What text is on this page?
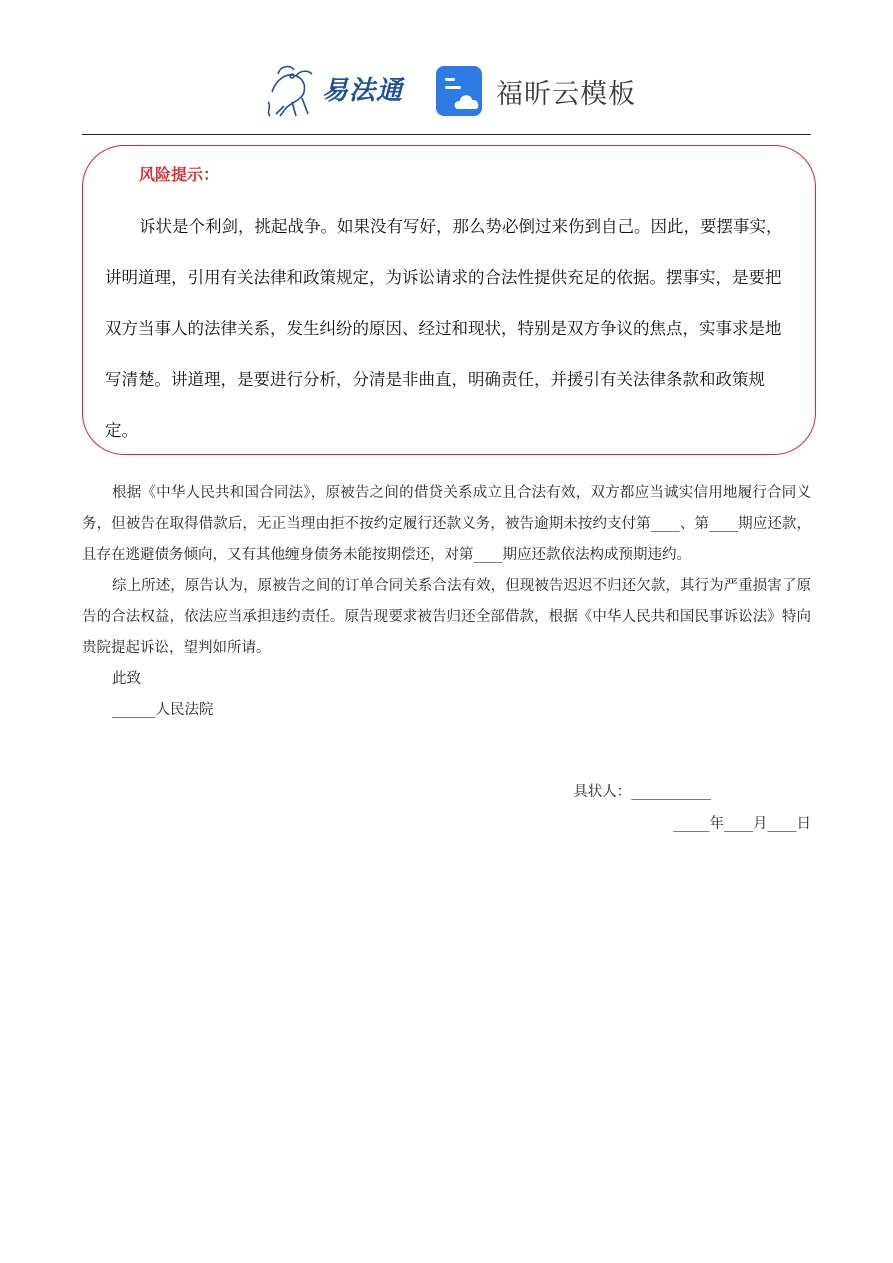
易法通	福昕云模板
风险提示：
诉状是个利剑，挑起战争。如果没有写好，那么势必倒过来伤到自己。因此，要摆事实，讲明道理，引用有关法律和政策规定，为诉讼请求的合法性提供充足的依据。摆事实，是要把双方当事人的法律关系，发生纠纷的原因、经过和现状，特别是双方争议的焦点，实事求是地写清楚。讲道理，是要进行分析，分清是非曲直，明确责任，并援引有关法律条款和政策规定。

根据《中华人民共和国合同法》，原被告之间的借贷关系成立且合法有效，双方都应当诚实信用地履行合同义务，但被告在取得借款后，无正当理由拒不按约定履行还款义务，被告逾期未按约支付第____、第____期应还款，且存在逃避债务倾向，又有其他缠身债务未能按期偿还，对第____期应还款依法构成预期违约。

综上所述，原告认为，原被告之间的订单合同关系合法有效，但现被告迟迟不归还欠款，其行为严重损害了原告的合法权益，依法应当承担违约责任。原告现要求被告归还全部借款，根据《中华人民共和国民事诉讼法》特向贵院提起诉讼，望判如所请。

此致

______人民法院

具状人：___________
_____年____月____日
